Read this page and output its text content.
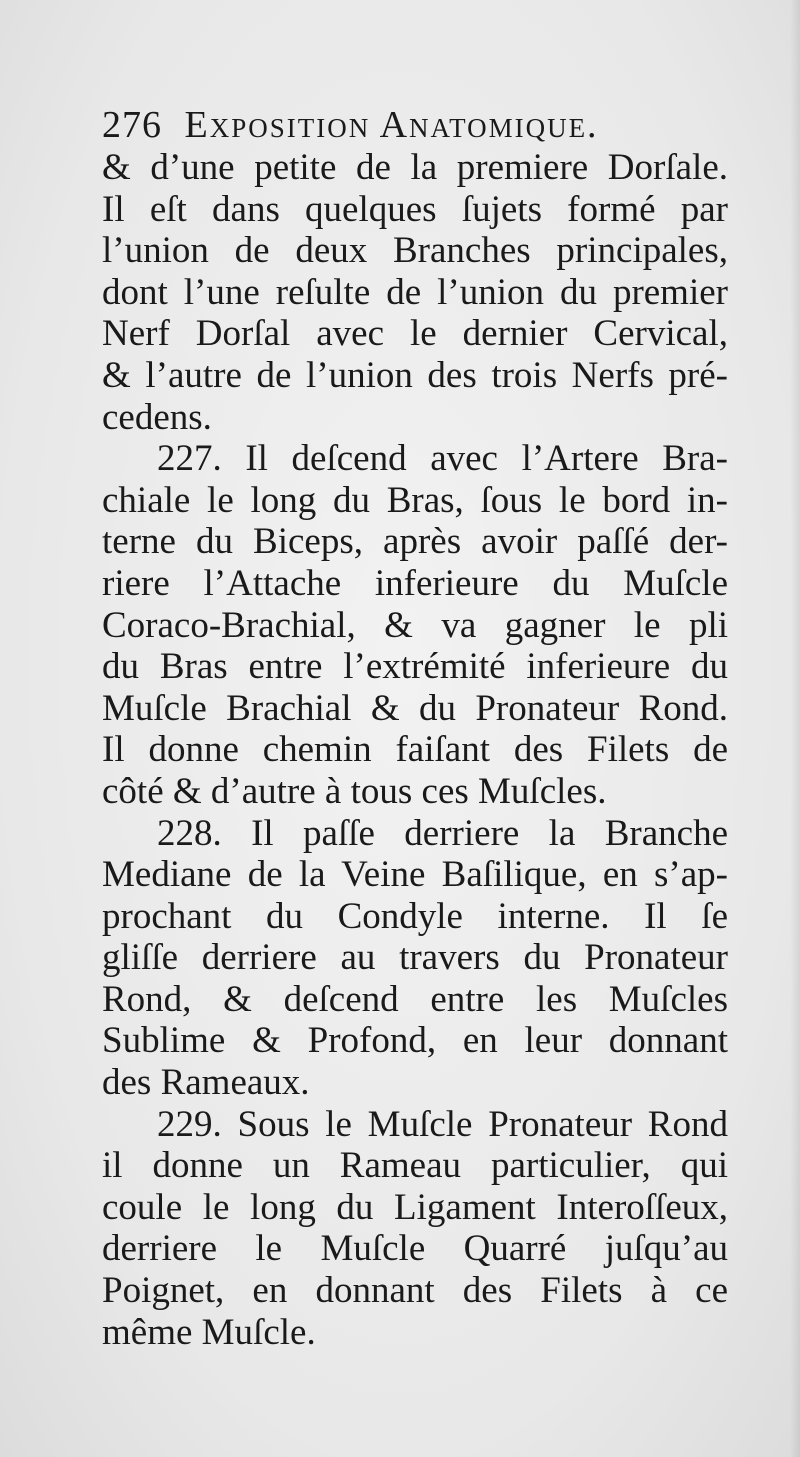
276 Exposition Anatomique.
& d’une petite de la premiere Dorſale.
Il eſt dans quelques ſujets formé par
l’union de deux Branches principales,
dont l’une reſulte de l’union du premier
Nerf Dorſal avec le dernier Cervical,
& l’autre de l’union des trois Nerfs pré-
cedens.
227. Il deſcend avec l’Artere Bra-
chiale le long du Bras, ſous le bord in-
terne du Biceps, après avoir paſſé der-
riere l’Attache inferieure du Muſcle
Coraco-Brachial, & va gagner le pli
du Bras entre l’extrémité inferieure du
Muſcle Brachial & du Pronateur Rond.
Il donne chemin faiſant des Filets de
côté & d’autre à tous ces Muſcles.
228. Il paſſe derriere la Branche
Mediane de la Veine Baſilique, en s’ap-
prochant du Condyle interne. Il ſe
gliſſe derriere au travers du Pronateur
Rond, & deſcend entre les Muſcles
Sublime & Profond, en leur donnant
des Rameaux.
229. Sous le Muſcle Pronateur Rond
il donne un Rameau particulier, qui
coule le long du Ligament Interoſſeux,
derriere le Muſcle Quarré juſqu’au
Poignet, en donnant des Filets à ce
même Muſcle.
